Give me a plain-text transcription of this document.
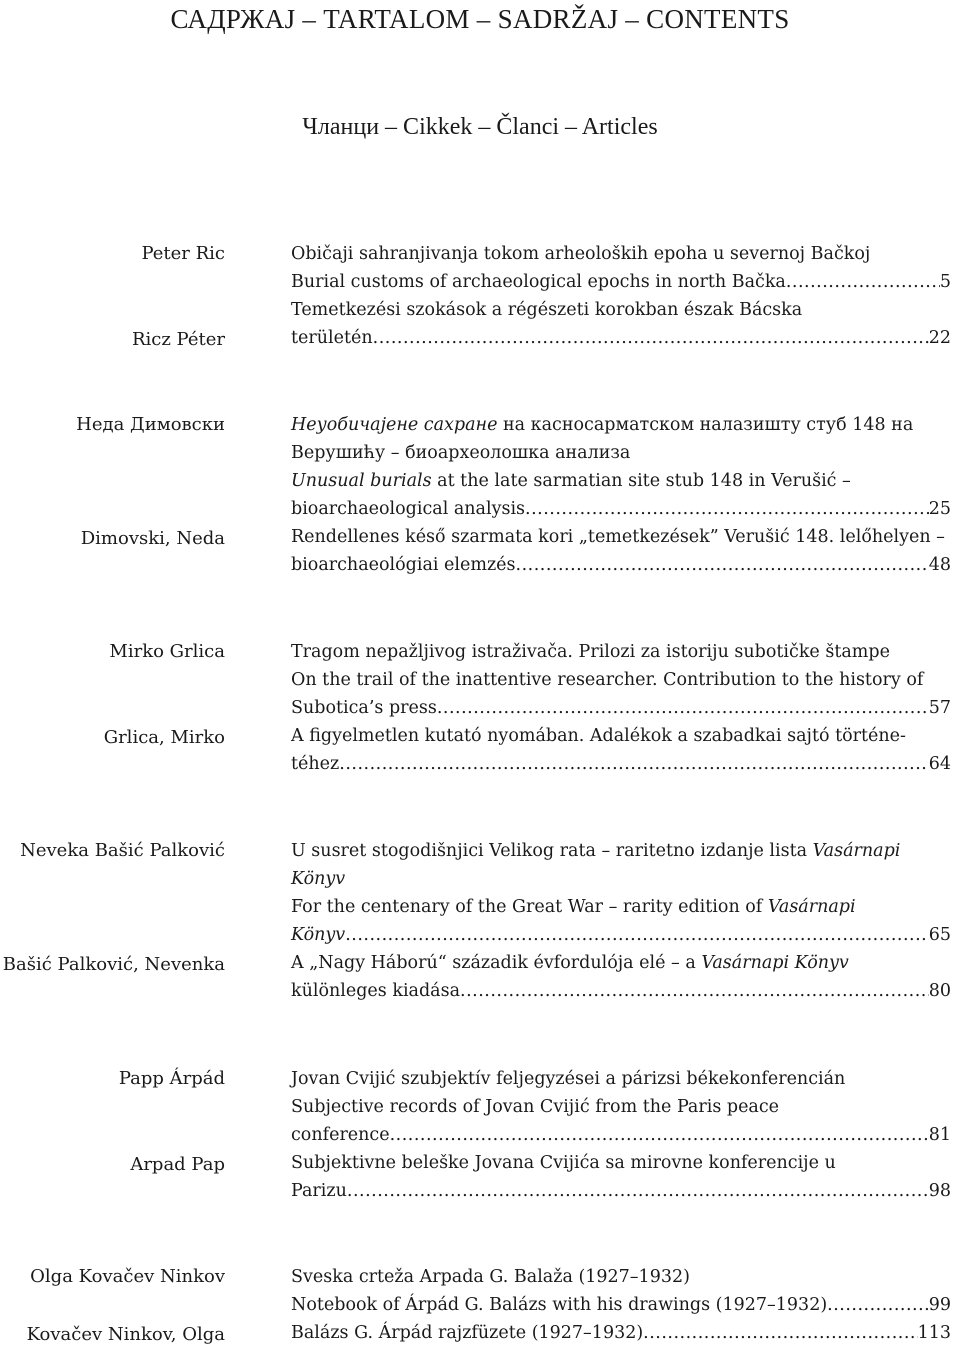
САДРЖАЈ – TARTALOM – SADRŽAJ – CONTENTS
Чланци – Cikkek – Članci – Articles
Peter Ric
Ricz Péter
Običaji sahranjivanja tokom arheoloških epoha u severnoj Bačkoj
Burial customs of archaeological epochs in north Bačka .....	5
Temetkezési szokások a régészeti korokban észak Bácska
területén .....	22
Неда Димовски
Dimovski, Neda
Неуобичајене сахране на касносарматском налазишту стуб 148 на
Верушићу – биоархеолошка анализа
Unusual burials at the late sarmatian site stub 148 in Verušić –
bioarchaeological analysis .....	25
Rendellenes késő szarmata kori „temetkezések” Verušić 148. lelőhelyen –
bioarchaeológiai elemzés .....	48
Mirko Grlica
Grlica, Mirko
Tragom nepažljivog istraživača. Prilozi za istoriju subotičke štampe
On the trail of the inattentive researcher. Contribution to the history of
Subotica’s press .....	57
A figyelmetlen kutató nyomában. Adalékok a szabadkai sajtó történe-
téhez .....	64
Neveka Bašić Palković
Bašić Palković, Nevenka
U susret stogodišnjici Velikog rata – raritetno izdanje lista Vasárnapi
Könyv
For the centenary of the Great War – rarity edition of Vasárnapi
Könyv .....	65
A „Nagy Háború“ századik évfordulója elé – a Vasárnapi Könyv
különleges kiadása .....	80
Papp Árpád
Arpad Pap
Jovan Cvijić szubjektív feljegyzései a párizsi békekonferencián
Subjective records of Jovan Cvijić from the Paris peace
conference .....	81
Subjektivne beleške Jovana Cvijića sa mirovne konferencije u
Parizu .....	98
Olga Kovačev Ninkov
Kovačev Ninkov, Olga
Sveska crteža Arpada G. Balaža (1927–1932)
Notebook of Árpád G. Balázs with his drawings (1927–1932) .....	99
Balázs G. Árpád rajzfüzete (1927–1932) .....	113
